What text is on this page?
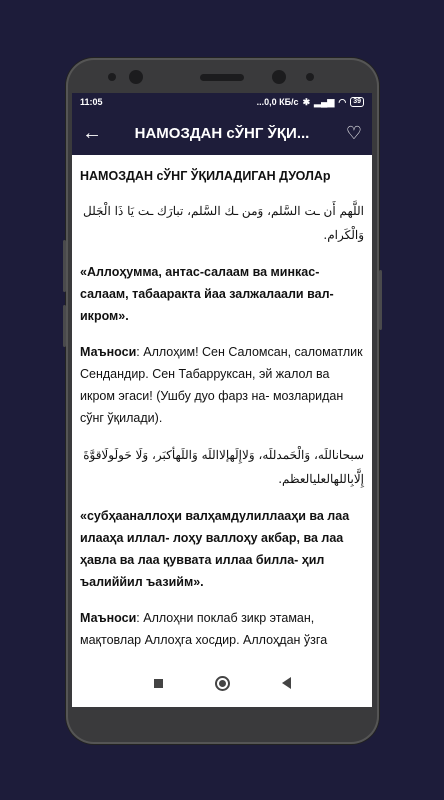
11:05	...0,0 КБ/с ✱ ▂▄▆ ◠	39
←	НАМОЗДАН сЎНГ ЎҚИ...	♡

НАМОЗДАН сЎНГ ЎҚИЛАДИГАН ДУОЛАр

اللَّهم أَن ـت السَّلم، وَمن ـك السَّلم، تبارَك ـت يَا ذَا الْجَلل وَالْكَرام.

«Аллоҳумма, антас-салаам ва минкас- салаам, табааракта йаа залжалаали вал- икром».

Маъноси: Аллоҳим! Сен Саломсан, саломатлик Сендандир. Сен Табаррукcан, эй жалол ва икром эгаси! (Ушбу дуо фарз на- мозларидан сўнг ўқилади).

سبحاناللَه، وَالْحَمدللَه، وَلاإِلَهإلااللَه وَاللَهأكبَر، وَلَا حَولَولَاقوَّةَ إِلَّابِاللهالعليالعظم.

«субҳааналлоҳи валҳамдулиллааҳи ва лаа илааҳа иллал- лоҳу валлоҳу акбар, ва лаа ҳавла ва лаа қуввата иллаа билла- ҳил ъалиййил ъазийм».

Маъноси: Аллоҳни поклаб зикр этаман, мақтовлар Аллоҳга хосдир. Аллоҳдан ўзга
